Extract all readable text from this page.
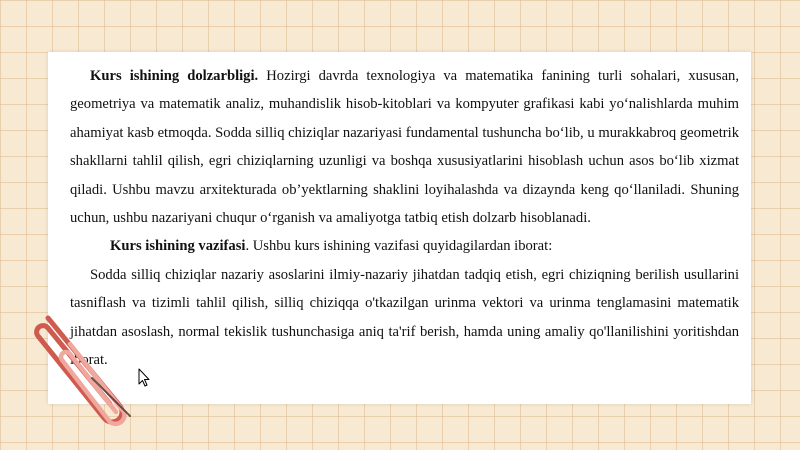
Kurs ishining dolzarbligi. Hozirgi davrda texnologiya va matematika fanining turli sohalari, xususan, geometriya va matematik analiz, muhandislik hisob-kitoblari va kompyuter grafikasi kabi yo‘nalishlarda muhim ahamiyat kasb etmoqda. Sodda silliq chiziqlar nazariyasi fundamental tushuncha bo‘lib, u murakkabroq geometrik shakllarni tahlil qilish, egri chiziqlarning uzunligi va boshqa xususiyatlarini hisoblash uchun asos bo‘lib xizmat qiladi. Ushbu mavzu arxitekturada ob’yektlarning shaklini loyihalashda va dizaynda keng qo‘llaniladi. Shuning uchun, ushbu nazariyani chuqur o‘rganish va amaliyotga tatbiq etish dolzarb hisoblanadi.

Kurs ishining vazifasi. Ushbu kurs ishining vazifasi quyidagilardan iborat:

Sodda silliq chiziqlar nazariy asoslarini ilmiy-nazariy jihatdan tadqiq etish, egri chiziqning berilish usullarini tasniflash va tizimli tahlil qilish, silliq chiziqqa o'tkazilgan urinma vektori va urinma tenglamasini matematik jihatdan asoslash, normal tekislik tushunchasiga aniq ta'rif berish, hamda uning amaliy qo'llanilishini yoritishdan iborat.
